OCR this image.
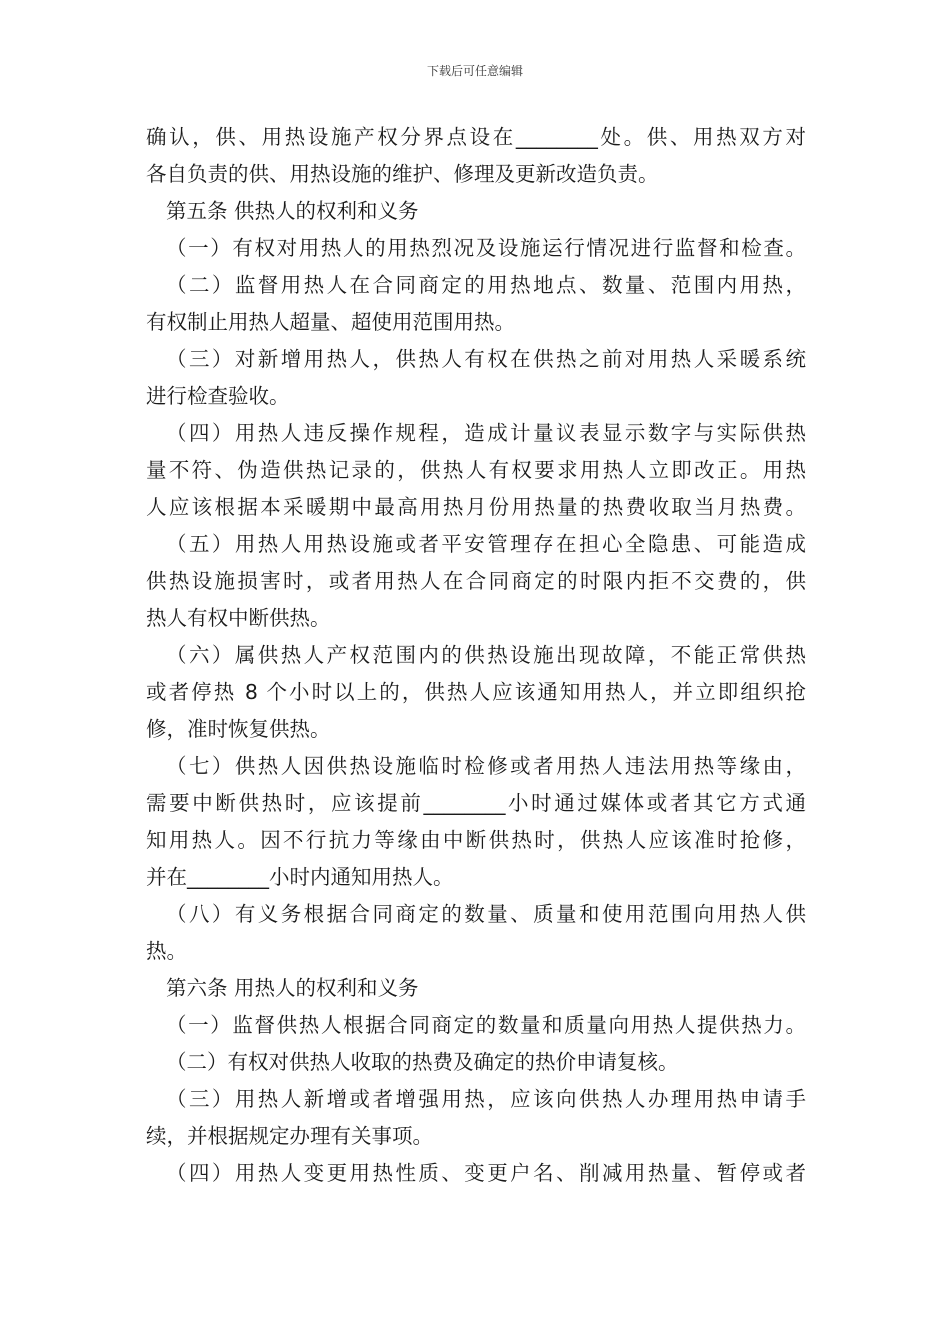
下载后可任意编辑
确认，供、用热设施产权分界点设在________处。供、用热双方对
各自负责的供、用热设施的维护、修理及更新改造负责。
第五条 供热人的权利和义务
（一）有权对用热人的用热烈况及设施运行情况进行监督和检查。
（二）监督用热人在合同商定的用热地点、数量、范围内用热，
有权制止用热人超量、超使用范围用热。
（三）对新增用热人，供热人有权在供热之前对用热人采暖系统
进行检查验收。
（四）用热人违反操作规程，造成计量议表显示数字与实际供热
量不符、伪造供热记录的，供热人有权要求用热人立即改正。用热
人应该根据本采暖期中最高用热月份用热量的热费收取当月热费。
（五）用热人用热设施或者平安管理存在担心全隐患、可能造成
供热设施损害时，或者用热人在合同商定的时限内拒不交费的，供
热人有权中断供热。
（六）属供热人产权范围内的供热设施出现故障，不能正常供热
或者停热 8 个小时以上的，供热人应该通知用热人，并立即组织抢
修，准时恢复供热。
（七）供热人因供热设施临时检修或者用热人违法用热等缘由，
需要中断供热时，应该提前________小时通过媒体或者其它方式通
知用热人。因不行抗力等缘由中断供热时，供热人应该准时抢修，
并在________小时内通知用热人。
（八）有义务根据合同商定的数量、质量和使用范围向用热人供
热。
第六条 用热人的权利和义务
（一）监督供热人根据合同商定的数量和质量向用热人提供热力。
（二）有权对供热人收取的热费及确定的热价申请复核。
（三）用热人新增或者增强用热，应该向供热人办理用热申请手
续，并根据规定办理有关事项。
（四）用热人变更用热性质、变更户名、削减用热量、暂停或者
